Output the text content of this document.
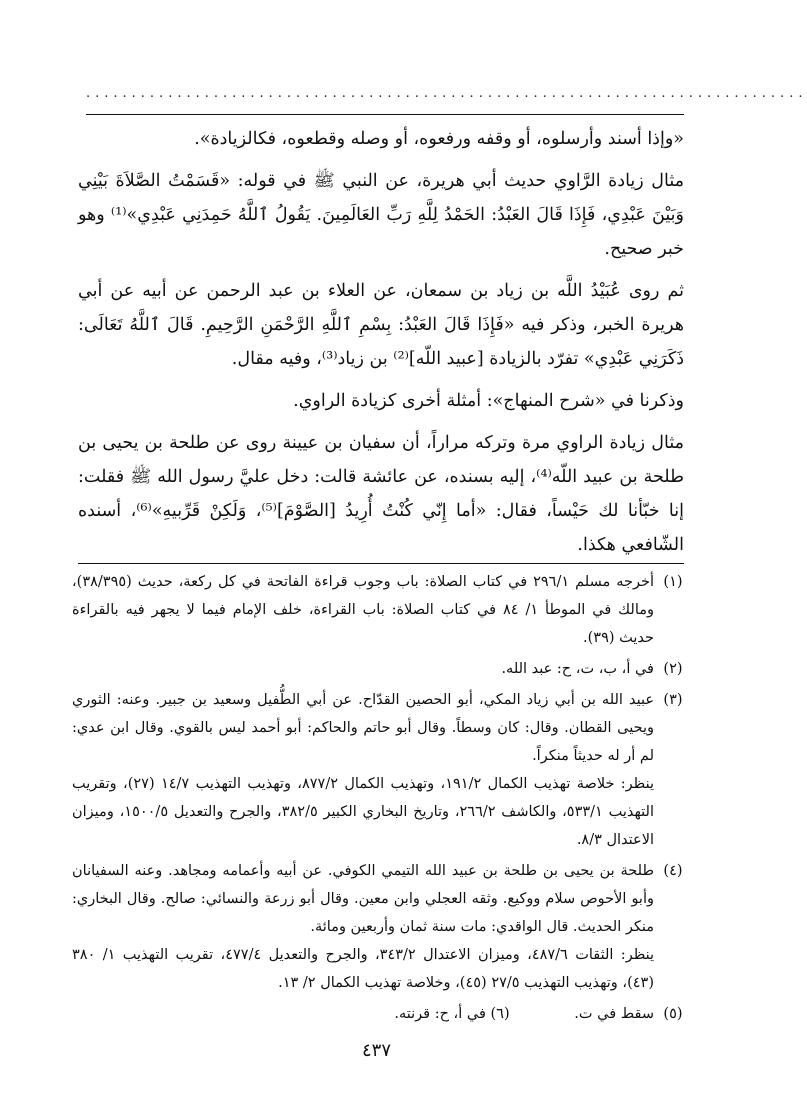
...............................................................................

«وإذا أسند وأرسلوه، أو وقفه ورفعوه، أو وصله وقطعوه، فكالزيادة».

مثال زيادة الرَّاوي حديث أبي هريرة، عن النبي ﷺ في قوله: «قَسَمْتُ الصَّلاَةَ بَيْنِي وَبَيْنَ عَبْدِي، فَإِذَا قَالَ العَبْدُ: الحَمْدُ لِلَّهِ رَبِّ العَالَمِينَ. يَقُولُ ٱللَّهُ حَمِدَنِي عَبْدِي»⁽¹⁾ وهو خبر صحيح.

ثم روى عُبَيْدُ اللَّه بن زياد بن سمعان، عن العلاء بن عبد الرحمن عن أبيه عن أبي هريرة الخبر، وذكر فيه «فَإِذَا قَالَ العَبْدُ: بِسْمِ ٱللَّهِ الرَّحْمَنِ الرَّحِيمِ. قَالَ ٱللَّهُ تَعَالَى: ذَكَرَنِي عَبْدِي» تفرّد بالزيادة [عبيد اللّه]⁽²⁾ بن زياد⁽³⁾، وفيه مقال.

وذكرنا في «شرح المنهاج»: أمثلة أخرى كزيادة الراوي.

مثال زيادة الراوي مرة وتركه مراراً، أن سفيان بن عيينة روى عن طلحة بن يحيى بن طلحة بن عبيد اللّه⁽⁴⁾، إليه بسنده، عن عائشة قالت: دخل عليَّ رسول الله ﷺ فقلت: إنا خبّأنا لك حَيْساً، فقال: «أما إِنّي كُنْتُ أُرِيدُ [الصَّوْمَ]⁽⁵⁾، وَلَكِنْ قَرِّبيهِ»⁽⁶⁾، أسنده الشّافعي هكذا.

(١)
أخرجه مسلم ٢٩٦/١ في كتاب الصلاة: باب وجوب قراءة الفاتحة في كل ركعة، حديث (٣٨/٣٩٥)، ومالك في الموطأ ١/ ٨٤ في كتاب الصلاة: باب القراءة، خلف الإمام فيما لا يجهر فيه بالقراءة حديث (٣٩).
(٢)
في أ، ب، ت، ح: عبد الله.
(٣)
عبيد الله بن أبي زياد المكي، أبو الحصين القدّاح. عن أبي الطُّفيل وسعيد بن جبير. وعنه: الثوري ويحيى القطان. وقال: كان وسطاً. وقال أبو حاتم والحاكم: أبو أحمد ليس بالقوي. وقال ابن عدي: لم أر له حديثاً منكراً.
ينظر: خلاصة تهذيب الكمال ١٩١/٢، وتهذيب الكمال ٨٧٧/٢، وتهذيب التهذيب ١٤/٧ (٢٧)، وتقريب التهذيب ٥٣٣/١، والكاشف ٢٦٦/٢، وتاريخ البخاري الكبير ٣٨٢/٥، والجرح والتعديل ١٥٠٠/٥، وميزان الاعتدال ٨/٣.
(٤)
طلحة بن يحيى بن طلحة بن عبيد الله التيمي الكوفي. عن أبيه وأعمامه ومجاهد. وعنه السفيانان وأبو الأحوص سلام ووكيع. وثقه العجلي وابن معين. وقال أبو زرعة والنسائي: صالح. وقال البخاري: منكر الحديث. قال الواقدي: مات سنة ثمان وأربعين ومائة.
ينظر: الثقات ٤٨٧/٦، وميزان الاعتدال ٣٤٣/٢، والجرح والتعديل ٤٧٧/٤، تقريب التهذيب ١/ ٣٨٠ (٤٣)، وتهذيب التهذيب ٢٧/٥ (٤٥)، وخلاصة تهذيب الكمال ٢/ ١٣.
(٥)
سقط في ت. (٦) في أ، ح: قرنته.
٤٣٧
